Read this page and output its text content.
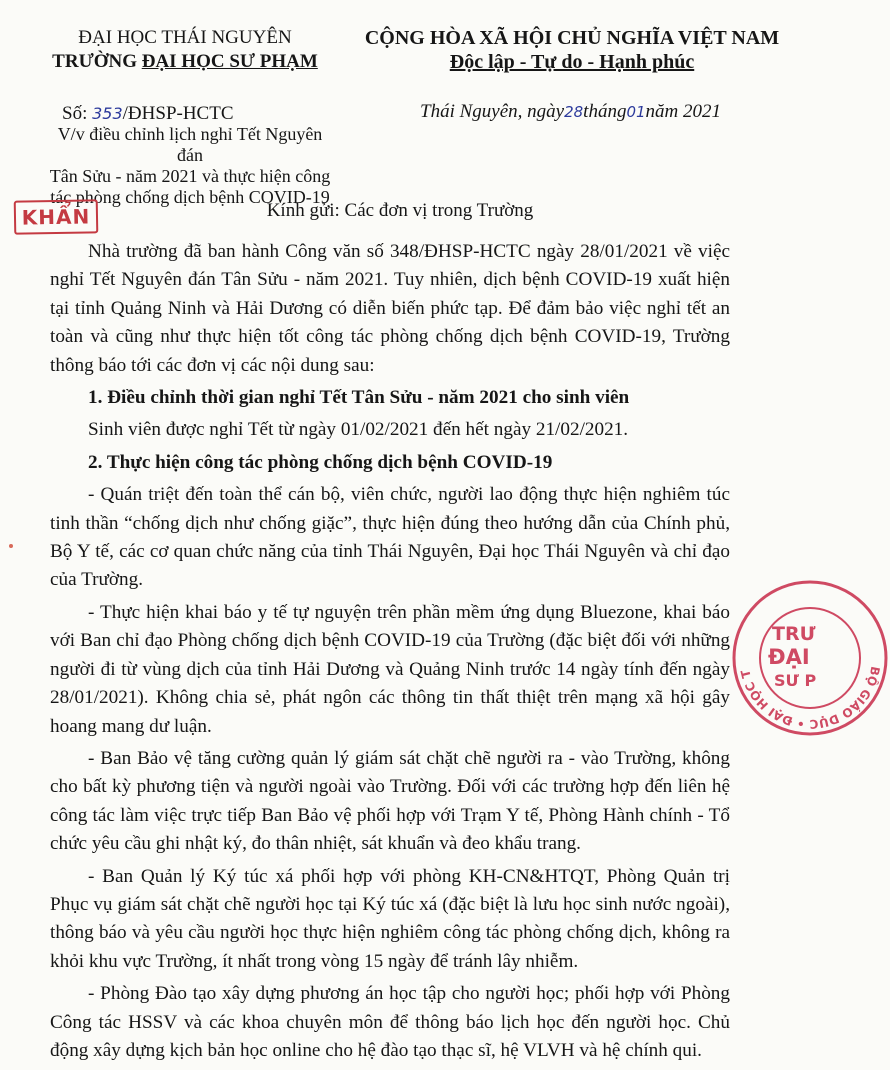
ĐẠI HỌC THÁI NGUYÊN
TRƯỜNG ĐẠI HỌC SƯ PHẠM
CỘNG HÒA XÃ HỘI CHỦ NGHĨA VIỆT NAM
Độc lập - Tự do - Hạnh phúc
Số: 353/ĐHSP-HCTC
V/v điều chỉnh lịch nghỉ Tết Nguyên đán
Tân Sửu - năm 2021 và thực hiện công
tác phòng chống dịch bệnh COVID-19
Thái Nguyên, ngày28tháng01năm 2021
KHẨN	Kính gửi: Các đơn vị trong Trường

Nhà trường đã ban hành Công văn số 348/ĐHSP-HCTC ngày 28/01/2021 về việc nghỉ Tết Nguyên đán Tân Sửu - năm 2021. Tuy nhiên, dịch bệnh COVID-19 xuất hiện tại tỉnh Quảng Ninh và Hải Dương có diễn biến phức tạp. Để đảm bảo việc nghỉ tết an toàn và cũng như thực hiện tốt công tác phòng chống dịch bệnh COVID-19, Trường thông báo tới các đơn vị các nội dung sau:

1. Điều chỉnh thời gian nghỉ Tết Tân Sửu - năm 2021 cho sinh viên

Sinh viên được nghỉ Tết từ ngày 01/02/2021 đến hết ngày 21/02/2021.

2. Thực hiện công tác phòng chống dịch bệnh COVID-19

- Quán triệt đến toàn thể cán bộ, viên chức, người lao động thực hiện nghiêm túc tinh thần “chống dịch như chống giặc”, thực hiện đúng theo hướng dẫn của Chính phủ, Bộ Y tế, các cơ quan chức năng của tỉnh Thái Nguyên, Đại học Thái Nguyên và chỉ đạo của Trường.

- Thực hiện khai báo y tế tự nguyện trên phần mềm ứng dụng Bluezone, khai báo với Ban chỉ đạo Phòng chống dịch bệnh COVID-19 của Trường (đặc biệt đối với những người đi từ vùng dịch của tỉnh Hải Dương và Quảng Ninh trước 14 ngày tính đến ngày 28/01/2021). Không chia sẻ, phát ngôn các thông tin thất thiệt trên mạng xã hội gây hoang mang dư luận.

- Ban Bảo vệ tăng cường quản lý giám sát chặt chẽ người ra - vào Trường, không cho bất kỳ phương tiện và người ngoài vào Trường. Đối với các trường hợp đến liên hệ công tác làm việc trực tiếp Ban Bảo vệ phối hợp với Trạm Y tế, Phòng Hành chính - Tổ chức yêu cầu ghi nhật ký, đo thân nhiệt, sát khuẩn và đeo khẩu trang.

- Ban Quản lý Ký túc xá phối hợp với phòng KH-CN&HTQT, Phòng Quản trị Phục vụ giám sát chặt chẽ người học tại Ký túc xá (đặc biệt là lưu học sinh nước ngoài), thông báo và yêu cầu người học thực hiện nghiêm công tác phòng chống dịch, không ra khỏi khu vực Trường, ít nhất trong vòng 15 ngày để tránh lây nhiễm.

- Phòng Đào tạo xây dựng phương án học tập cho người học; phối hợp với Phòng Công tác HSSV và các khoa chuyên môn để thông báo lịch học đến người học. Chủ động xây dựng kịch bản học online cho hệ đào tạo thạc sĩ, hệ VLVH và hệ chính qui.

BỘ GIÁO DỤC • ĐẠI HỌC T
TRƯ
ĐẠI
SƯ P
